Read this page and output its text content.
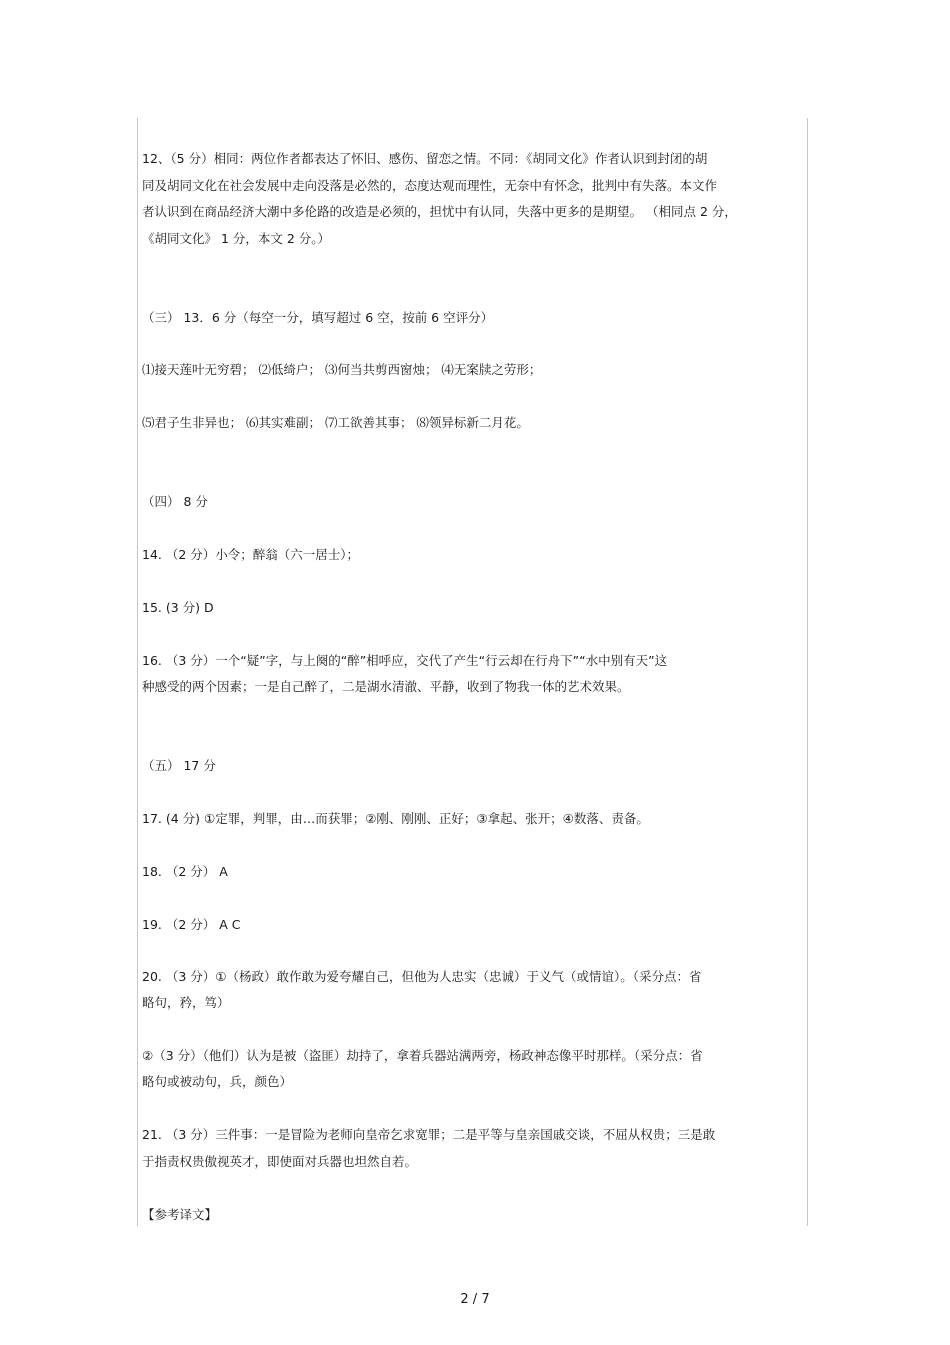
12、（5 分）相同：两位作者都表达了怀旧、感伤、留恋之情。不同：《胡同文化》作者认识到封闭的胡
同及胡同文化在社会发展中走向没落是必然的，态度达观而理性，无奈中有怀念，批判中有失落。本文作
者认识到在商品经济大潮中多伦路的改造是必须的，担忧中有认同，失落中更多的是期望。 （相同点 2 分，
《胡同文化》 1 分，本文 2 分。）
（三） 13．6 分（每空一分，填写超过 6 空，按前 6 空评分）
⑴接天莲叶无穷碧； ⑵低绮户； ⑶何当共剪西窗烛； ⑷无案牍之劳形；
⑸君子生非异也； ⑹其实难副； ⑺工欲善其事； ⑻领异标新二月花。
（四） 8 分
14. （2 分）小令；醉翁（六一居士）；
15. (3 分) D
16. （3 分）一个“疑”字，与上阕的“醉”相呼应，交代了产生“行云却在行舟下”“水中别有天”这
种感受的两个因素；一是自己醉了，二是湖水清澈、平静，收到了物我一体的艺术效果。
（五） 17 分
17. (4 分) ①定罪，判罪，由…而获罪；②刚、刚刚、正好；③拿起、张开；④数落、责备。
18. （2 分） A
19. （2 分） A C
20. （3 分）①（杨政）敢作敢为爱夸耀自己，但他为人忠实（忠诚）于义气（或情谊）。（采分点：省
略句，矜，笃）
②（3 分）（他们）认为是被（盗匪）劫持了，拿着兵器站满两旁，杨政神态像平时那样。（采分点：省
略句或被动句，兵，颜色）
21. （3 分）三件事：一是冒险为老师向皇帝乞求宽罪；二是平等与皇亲国戚交谈，不屈从权贵；三是敢
于指责权贵傲视英才，即使面对兵器也坦然自若。
【参考译文】
2 / 7
